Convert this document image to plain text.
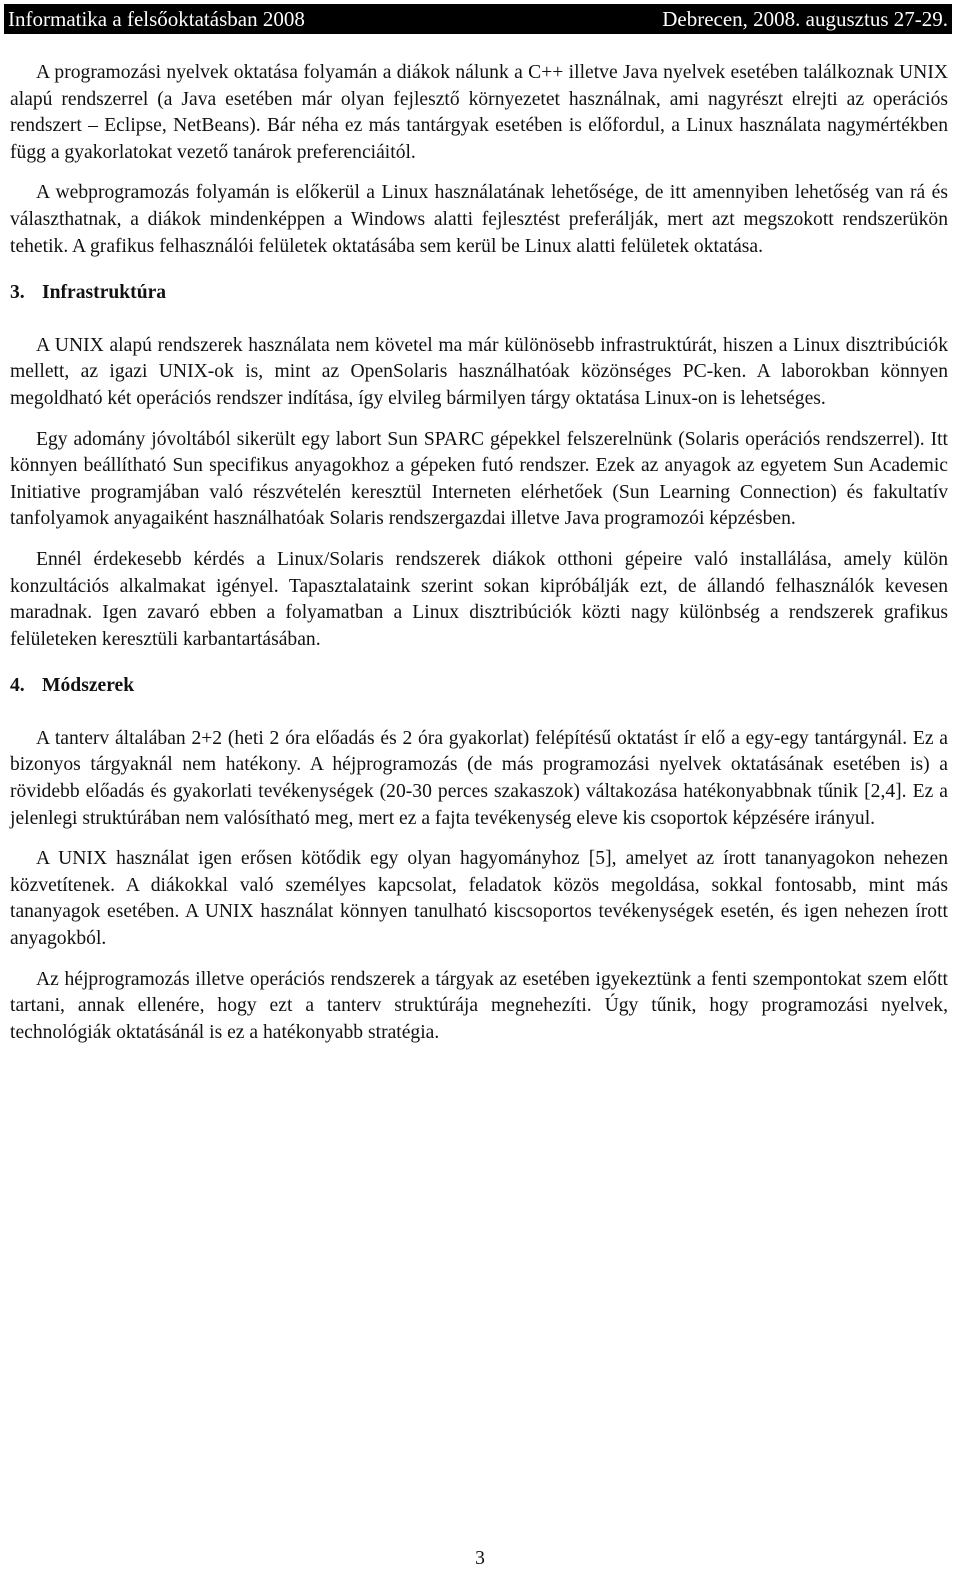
Informatika a felsőoktatásban 2008	Debrecen, 2008. augusztus 27-29.

A programozási nyelvek oktatása folyamán a diákok nálunk a C++ illetve Java nyelvek esetében találkoznak UNIX alapú rendszerrel (a Java esetében már olyan fejlesztő környezetet használnak, ami nagyrészt elrejti az operációs rendszert – Eclipse, NetBeans). Bár néha ez más tantárgyak esetében is előfordul, a Linux használata nagymértékben függ a gyakorlatokat vezető tanárok preferenciáitól.

A webprogramozás folyamán is előkerül a Linux használatának lehetősége, de itt amennyiben lehetőség van rá és választhatnak, a diákok mindenképpen a Windows alatti fejlesztést preferálják, mert azt megszokott rendszerükön tehetik. A grafikus felhasználói felületek oktatásába sem kerül be Linux alatti felületek oktatása.

3. Infrastruktúra

A UNIX alapú rendszerek használata nem követel ma már különösebb infrastruktúrát, hiszen a Linux disztribúciók mellett, az igazi UNIX-ok is, mint az OpenSolaris használhatóak közönséges PC-ken. A laborokban könnyen megoldható két operációs rendszer indítása, így elvileg bármilyen tárgy oktatása Linux-on is lehetséges.

Egy adomány jóvoltából sikerült egy labort Sun SPARC gépekkel felszerelnünk (Solaris operációs rendszerrel). Itt könnyen beállítható Sun specifikus anyagokhoz a gépeken futó rendszer. Ezek az anyagok az egyetem Sun Academic Initiative programjában való részvételén keresztül Interneten elérhetőek (Sun Learning Connection) és fakultatív tanfolyamok anyagaiként használhatóak Solaris rendszergazdai illetve Java programozói képzésben.

Ennél érdekesebb kérdés a Linux/Solaris rendszerek diákok otthoni gépeire való installálása, amely külön konzultációs alkalmakat igényel. Tapasztalataink szerint sokan kipróbálják ezt, de állandó felhasználók kevesen maradnak. Igen zavaró ebben a folyamatban a Linux disztribúciók közti nagy különbség a rendszerek grafikus felületeken keresztüli karbantartásában.

4. Módszerek

A tanterv általában 2+2 (heti 2 óra előadás és 2 óra gyakorlat) felépítésű oktatást ír elő a egy-egy tantárgynál. Ez a bizonyos tárgyaknál nem hatékony. A héjprogramozás (de más programozási nyelvek oktatásának esetében is) a rövidebb előadás és gyakorlati tevékenységek (20-30 perces szakaszok) váltakozása hatékonyabbnak tűnik [2,4]. Ez a jelenlegi struktúrában nem valósítható meg, mert ez a fajta tevékenység eleve kis csoportok képzésére irányul.

A UNIX használat igen erősen kötődik egy olyan hagyományhoz [5], amelyet az írott tananyagokon nehezen közvetítenek. A diákokkal való személyes kapcsolat, feladatok közös megoldása, sokkal fontosabb, mint más tananyagok esetében. A UNIX használat könnyen tanulható kiscsoportos tevékenységek esetén, és igen nehezen írott anyagokból.

Az héjprogramozás illetve operációs rendszerek a tárgyak az esetében igyekeztünk a fenti szempontokat szem előtt tartani, annak ellenére, hogy ezt a tanterv struktúrája megnehezíti. Úgy tűnik, hogy programozási nyelvek, technológiák oktatásánál is ez a hatékonyabb stratégia.

3
